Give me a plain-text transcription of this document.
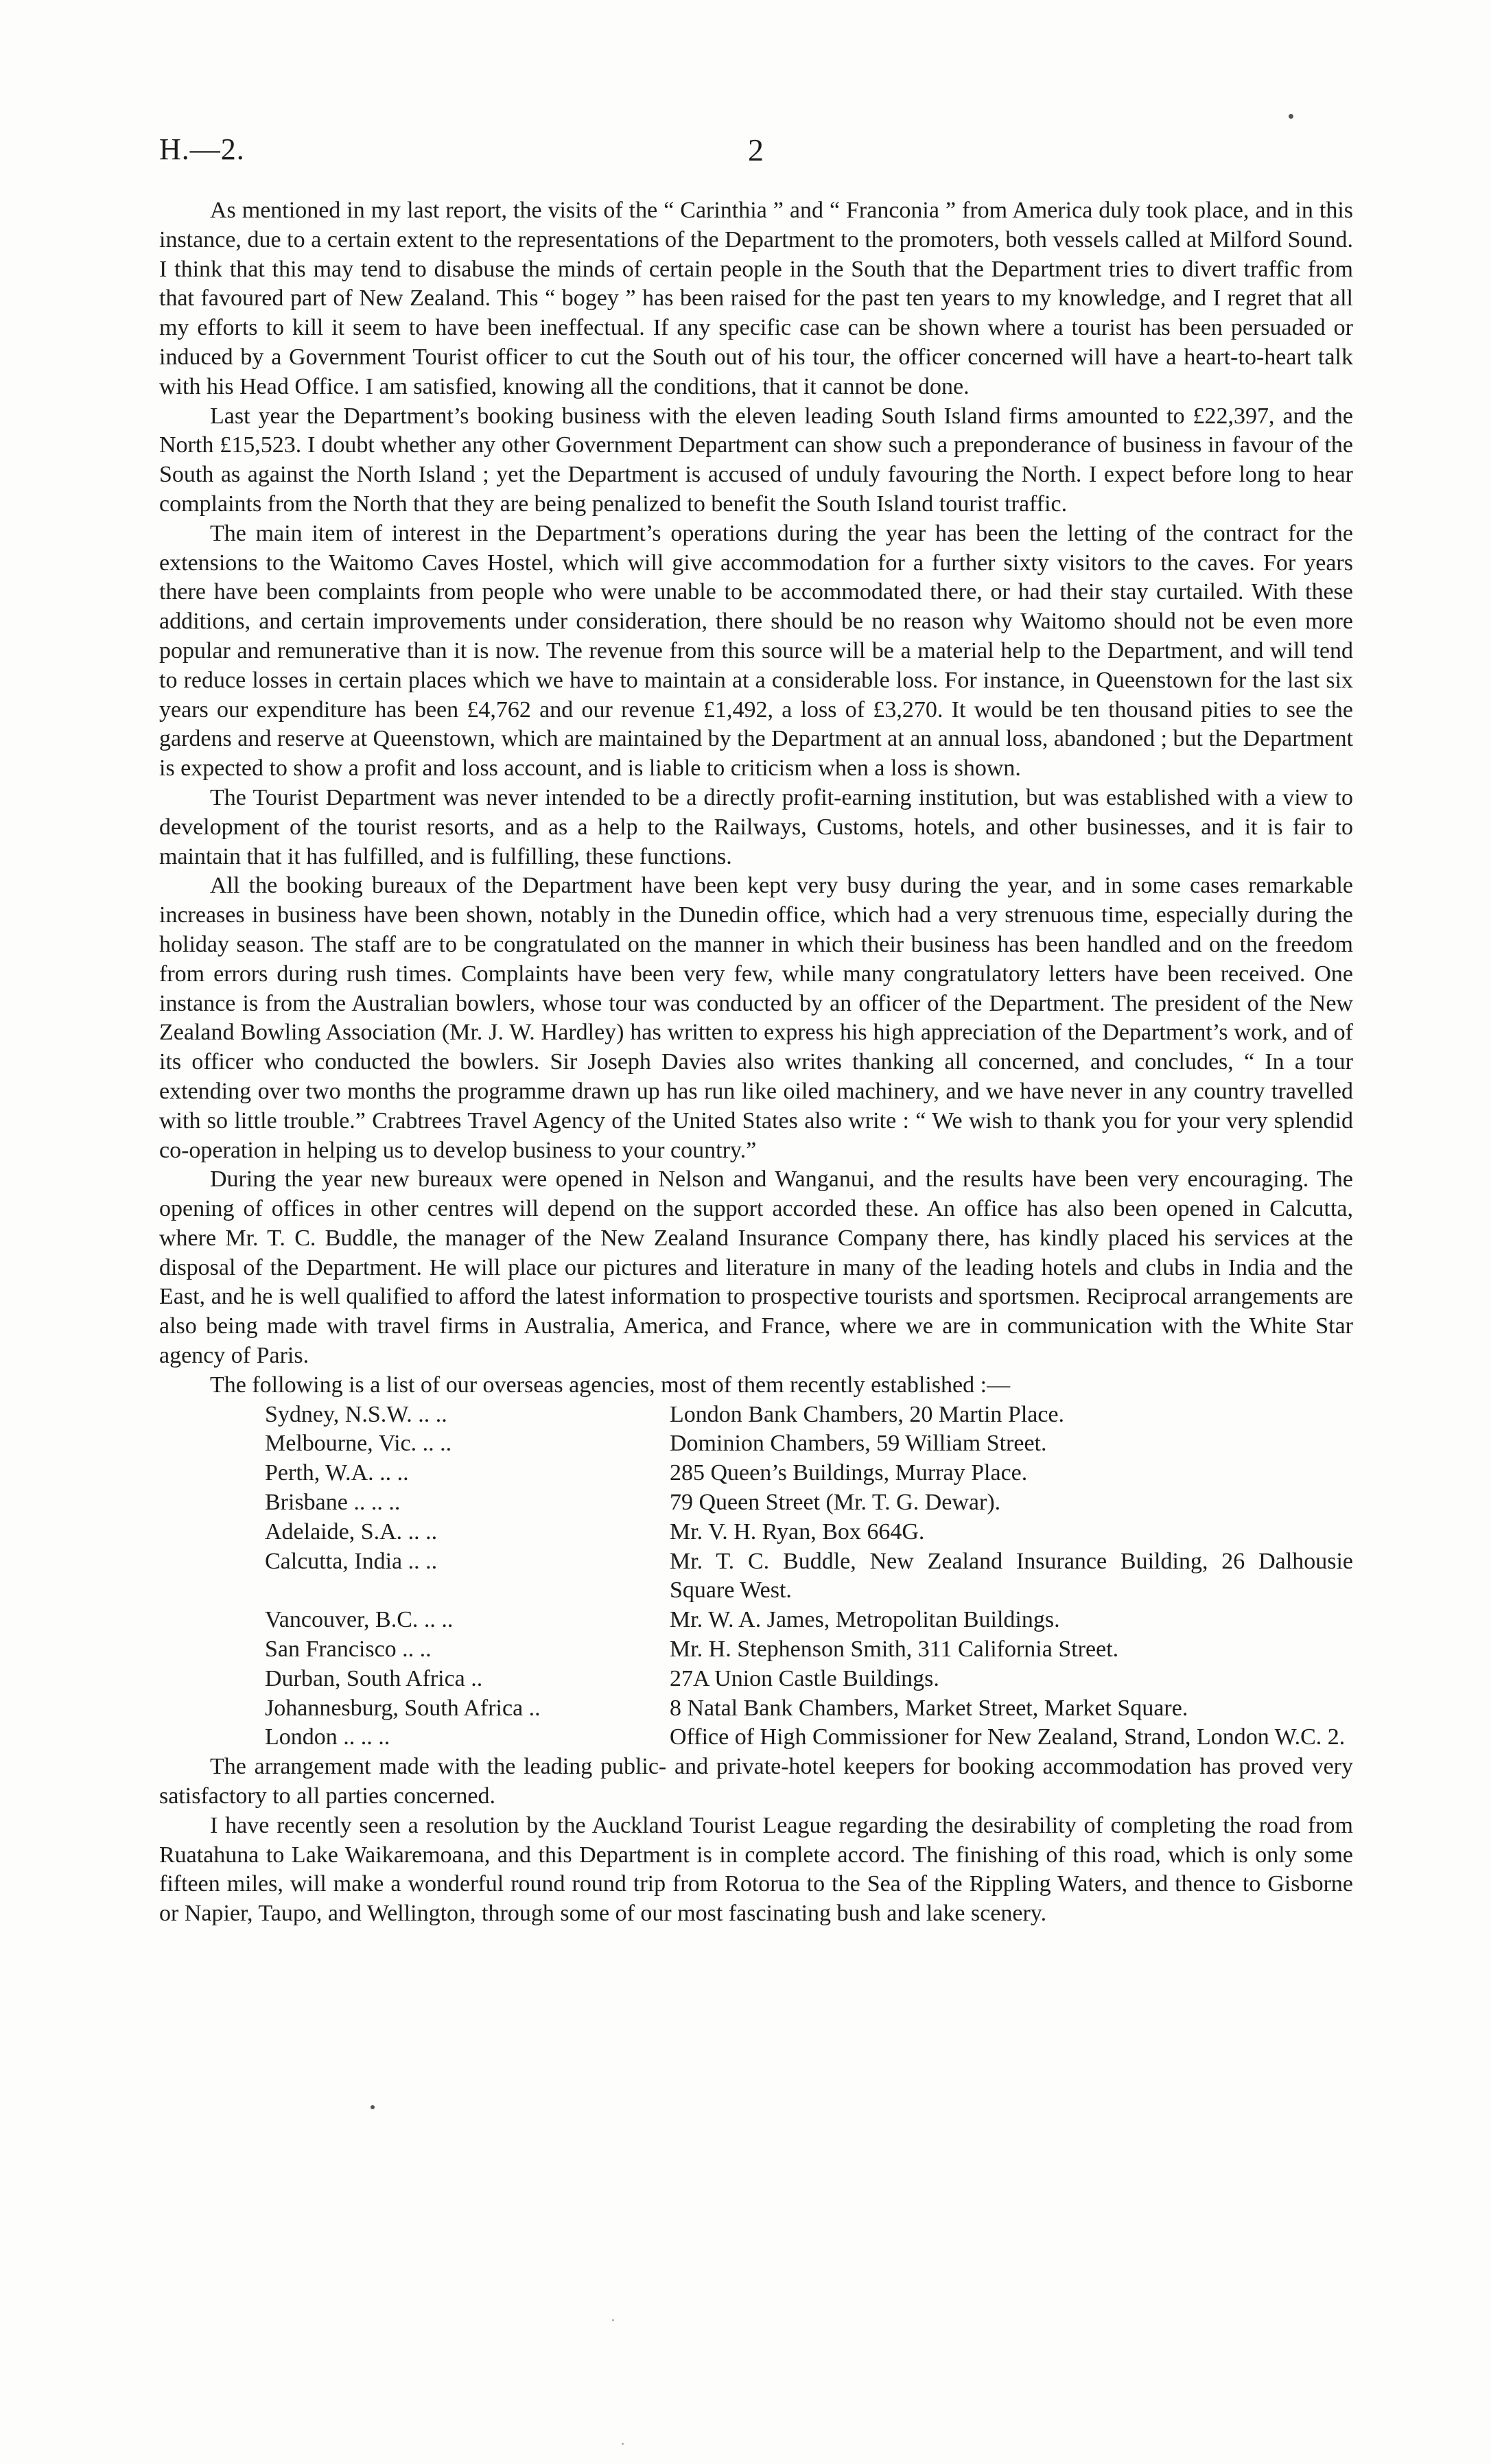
H.—2.	2

As mentioned in my last report, the visits of the “ Carinthia ” and “ Franconia ” from America duly took place, and in this instance, due to a certain extent to the representations of the Department to the promoters, both vessels called at Milford Sound. I think that this may tend to disabuse the minds of certain people in the South that the Department tries to divert traffic from that favoured part of New Zealand. This “ bogey ” has been raised for the past ten years to my knowledge, and I regret that all my efforts to kill it seem to have been ineffectual. If any specific case can be shown where a tourist has been persuaded or induced by a Government Tourist officer to cut the South out of his tour, the officer concerned will have a heart-to-heart talk with his Head Office. I am satisfied, knowing all the conditions, that it cannot be done.

Last year the Department’s booking business with the eleven leading South Island firms amounted to £22,397, and the North £15,523. I doubt whether any other Government Department can show such a preponderance of business in favour of the South as against the North Island ; yet the Department is accused of unduly favouring the North. I expect before long to hear complaints from the North that they are being penalized to benefit the South Island tourist traffic.

The main item of interest in the Department’s operations during the year has been the letting of the contract for the extensions to the Waitomo Caves Hostel, which will give accommodation for a further sixty visitors to the caves. For years there have been complaints from people who were unable to be accommodated there, or had their stay curtailed. With these additions, and certain improvements under consideration, there should be no reason why Waitomo should not be even more popular and remunerative than it is now. The revenue from this source will be a material help to the Department, and will tend to reduce losses in certain places which we have to maintain at a considerable loss. For instance, in Queenstown for the last six years our expenditure has been £4,762 and our revenue £1,492, a loss of £3,270. It would be ten thousand pities to see the gardens and reserve at Queenstown, which are maintained by the Department at an annual loss, abandoned ; but the Department is expected to show a profit and loss account, and is liable to criticism when a loss is shown.

The Tourist Department was never intended to be a directly profit-earning institution, but was established with a view to development of the tourist resorts, and as a help to the Railways, Customs, hotels, and other businesses, and it is fair to maintain that it has fulfilled, and is fulfilling, these functions.

All the booking bureaux of the Department have been kept very busy during the year, and in some cases remarkable increases in business have been shown, notably in the Dunedin office, which had a very strenuous time, especially during the holiday season. The staff are to be congratulated on the manner in which their business has been handled and on the freedom from errors during rush times. Complaints have been very few, while many congratulatory letters have been received. One instance is from the Australian bowlers, whose tour was conducted by an officer of the Department. The president of the New Zealand Bowling Association (Mr. J. W. Hardley) has written to express his high appreciation of the Department’s work, and of its officer who conducted the bowlers. Sir Joseph Davies also writes thanking all concerned, and concludes, “ In a tour extending over two months the programme drawn up has run like oiled machinery, and we have never in any country travelled with so little trouble.” Crabtrees Travel Agency of the United States also write : “ We wish to thank you for your very splendid co-operation in helping us to develop business to your country.”

During the year new bureaux were opened in Nelson and Wanganui, and the results have been very encouraging. The opening of offices in other centres will depend on the support accorded these. An office has also been opened in Calcutta, where Mr. T. C. Buddle, the manager of the New Zealand Insurance Company there, has kindly placed his services at the disposal of the Department. He will place our pictures and literature in many of the leading hotels and clubs in India and the East, and he is well qualified to afford the latest information to prospective tourists and sportsmen. Reciprocal arrangements are also being made with travel firms in Australia, America, and France, where we are in communication with the White Star agency of Paris.

The following is a list of our overseas agencies, most of them recently established :—

Sydney, N.S.W. .. ..	London Bank Chambers, 20 Martin Place.
Melbourne, Vic. .. ..	Dominion Chambers, 59 William Street.
Perth, W.A. .. ..	285 Queen’s Buildings, Murray Place.
Brisbane .. .. ..	79 Queen Street (Mr. T. G. Dewar).
Adelaide, S.A. .. ..	Mr. V. H. Ryan, Box 664G.
Calcutta, India .. ..	Mr. T. C. Buddle, New Zealand Insurance Building, 26 Dalhousie Square West.
Vancouver, B.C. .. ..	Mr. W. A. James, Metropolitan Buildings.
San Francisco .. ..	Mr. H. Stephenson Smith, 311 California Street.
Durban, South Africa ..	27A Union Castle Buildings.
Johannesburg, South Africa ..	8 Natal Bank Chambers, Market Street, Market Square.
London .. .. ..	Office of High Commissioner for New Zealand, Strand, London W.C. 2.

The arrangement made with the leading public- and private-hotel keepers for booking accommodation has proved very satisfactory to all parties concerned.

I have recently seen a resolution by the Auckland Tourist League regarding the desirability of completing the road from Ruatahuna to Lake Waikaremoana, and this Department is in complete accord. The finishing of this road, which is only some fifteen miles, will make a wonderful round round trip from Rotorua to the Sea of the Rippling Waters, and thence to Gisborne or Napier, Taupo, and Wellington, through some of our most fascinating bush and lake scenery.
